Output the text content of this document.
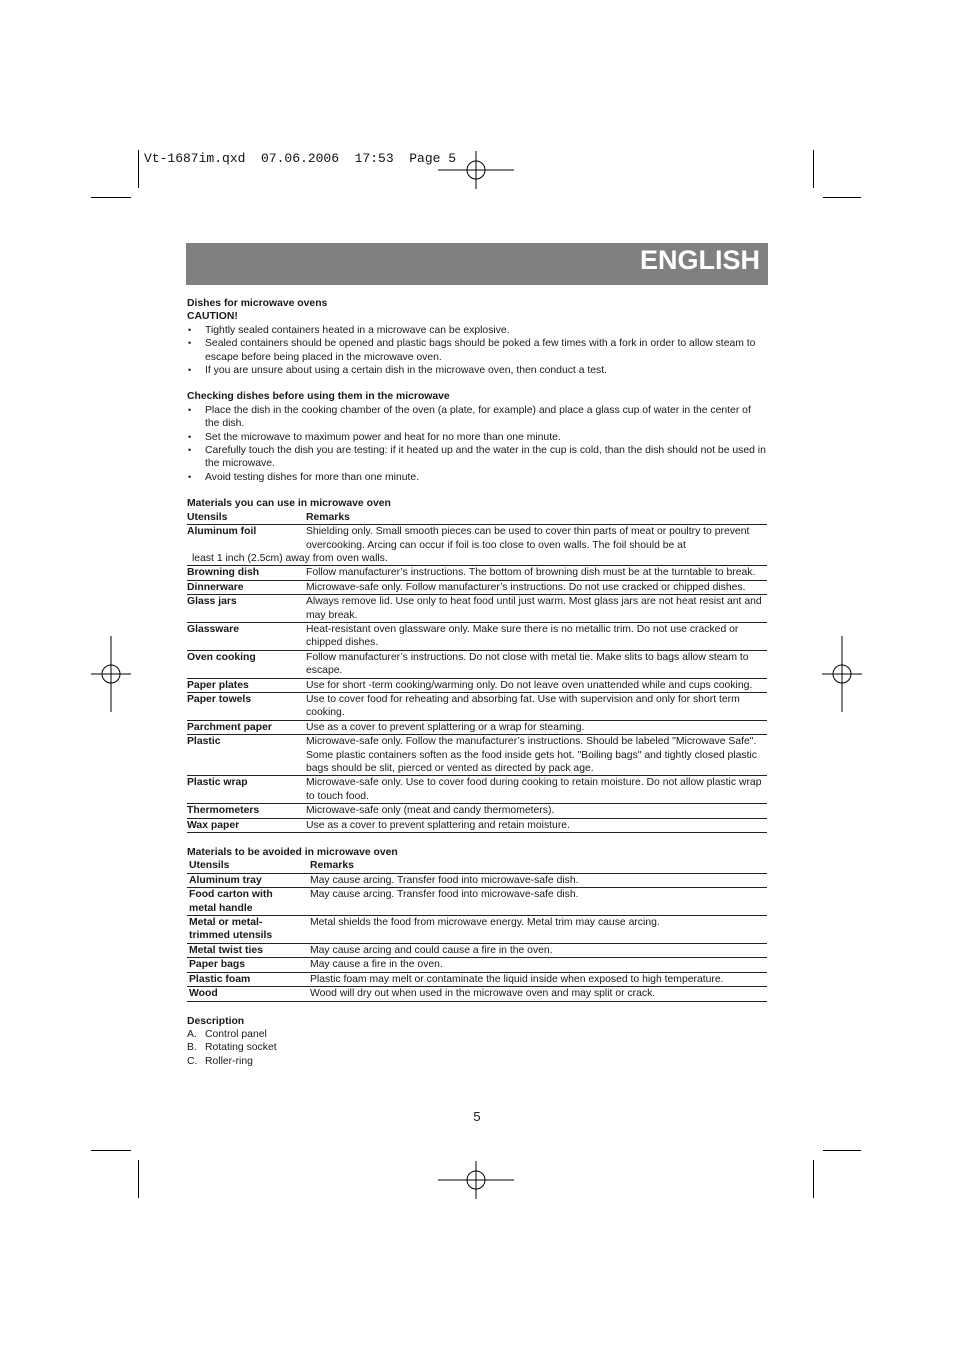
Vt-1687im.qxd  07.06.2006  17:53  Page 5
ENGLISH
Dishes for microwave ovens
CAUTION!
• Tightly sealed containers heated in a microwave can be explosive.
• Sealed containers should be opened and plastic bags should be poked a few times with a fork in order to allow steam to escape before being placed in the microwave oven.
• If you are unsure about using a certain dish in the microwave oven, then conduct a test.
Checking dishes before using them in the microwave
• Place the dish in the cooking chamber of the oven (a plate, for example) and place a glass cup of water in the center of the dish.
• Set the microwave to maximum power and heat for no more than one minute.
• Carefully touch the dish you are testing: if it heated up and the water in the cup is cold, than the dish should not be used in the microwave.
• Avoid testing dishes for more than one minute.
Materials you can use in microwave oven
Utensils	Remarks
Aluminum foil	Shielding only. Small smooth pieces can be used to cover thin parts of meat or poultry to prevent overcooking. Arcing can occur if foil is too close to oven walls. The foil should be at
least 1 inch (2.5cm) away from oven walls.

Browning dish	Follow manufacturer’s instructions. The bottom of browning dish must be at the turntable to break.
Dinnerware	Microwave-safe only. Follow manufacturer’s instructions. Do not use cracked or chipped dishes.
Glass jars	Always remove lid. Use only to heat food until just warm. Most glass jars are not heat resist ant and may break.
Glassware	Heat-resistant oven glassware only. Make sure there is no metallic trim. Do not use cracked or chipped dishes.
Oven cooking	Follow manufacturer’s instructions. Do not close with metal tie. Make slits to bags allow steam to escape.
Paper plates	Use for short -term cooking/warming only. Do not leave oven unattended while and cups cooking.
Paper towels	Use to cover food for reheating and absorbing fat. Use with supervision and only for short term cooking.
Parchment paper	Use as a cover to prevent splattering or a wrap for steaming.
Plastic	Microwave-safe only. Follow the manufacturer’s instructions. Should be labeled "Microwave Safe". Some plastic containers soften as the food inside gets hot. "Boiling bags" and tightly closed plastic bags should be slit, pierced or vented as directed by pack age.
Plastic wrap	Microwave-safe only. Use to cover food during cooking to retain moisture. Do not allow plastic wrap to touch food.
Thermometers	Microwave-safe only (meat and candy thermometers).
Wax paper	Use as a cover to prevent splattering and retain moisture.
Materials to be avoided in microwave oven
Utensils	Remarks
Aluminum tray	May cause arcing. Transfer food into microwave-safe dish.
Food carton with metal handle	May cause arcing. Transfer food into microwave-safe dish.
Metal or metal-trimmed utensils	Metal shields the food from microwave energy. Metal trim may cause arcing.
Metal twist ties	May cause arcing and could cause a fire in the oven.
Paper bags	May cause a fire in the oven.
Plastic foam	Plastic foam may melt or contaminate the liquid inside when exposed to high temperature.
Wood	Wood will dry out when used in the microwave oven and may split or crack.
Description
A. Control panel
B. Rotating socket
C. Roller-ring
5
